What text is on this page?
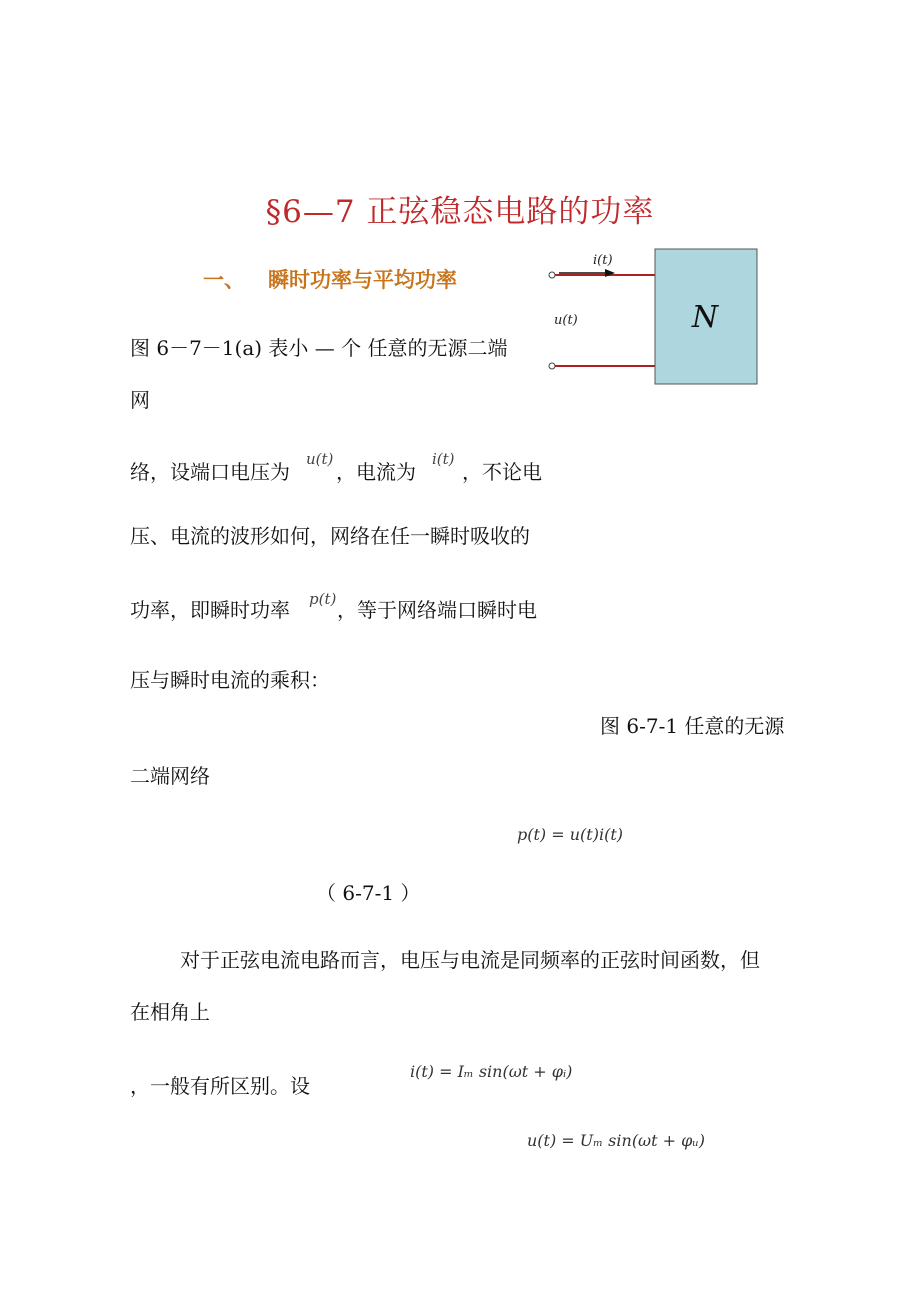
§6—7 正弦稳态电路的功率
一、 瞬时功率与平均功率
i(t)
u(t)	N
图 6－7－1(a) 表小 — 个 任意的无源二端
网
络，设端口电压为
u(t)
，电流为
i(t)
，不论电
压、电流的波形如何，网络在任一瞬时吸收的
功率，即瞬时功率 p(t) ，等于网络端口瞬时电
压与瞬时电流的乘积：
图 6-7-1 任意的无源
二端网络
p(t) = u(t)i(t)
（ 6-7-1 ）
对于正弦电流电路而言，电压与电流是同频率的正弦时间函数，但
在相角上
，一般有所区别。设
i(t) = Iₘ sin(ωt + φᵢ)
u(t) = Uₘ sin(ωt + φᵤ)
